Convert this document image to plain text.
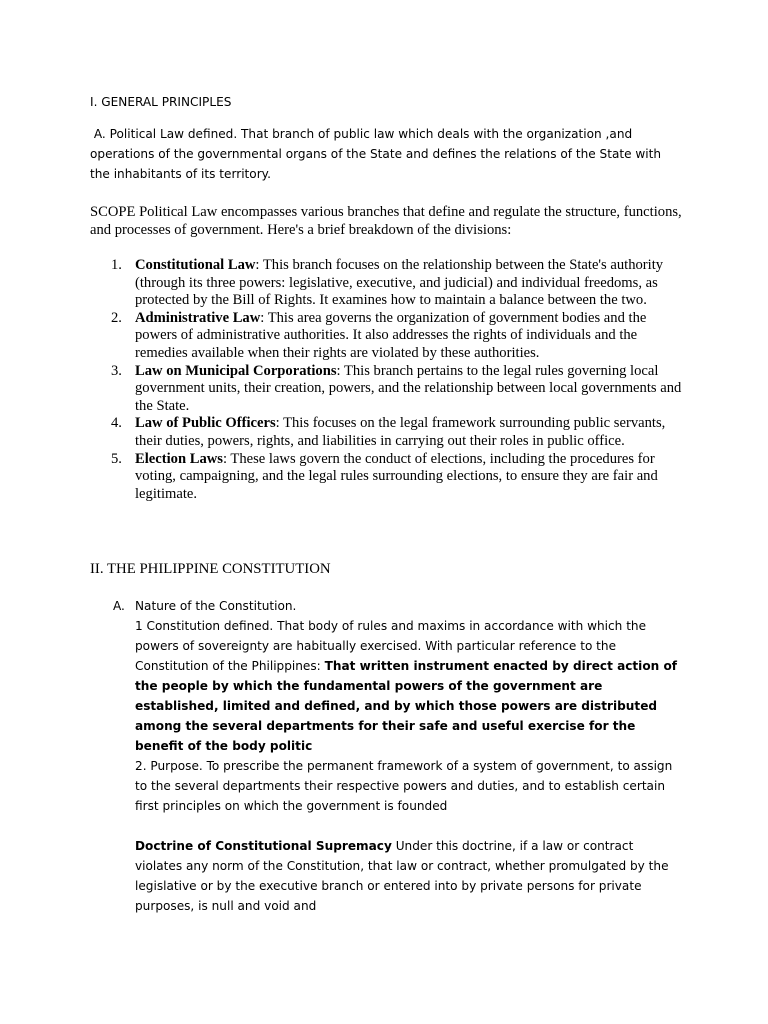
I. GENERAL PRINCIPLES

A. Political Law defined. That branch of public law which deals with the organization ,and operations of the governmental organs of the State and defines the relations of the State with the inhabitants of its territory.

SCOPE Political Law encompasses various branches that define and regulate the structure, functions, and processes of government. Here's a brief breakdown of the divisions:

1. Constitutional Law: This branch focuses on the relationship between the State's authority (through its three powers: legislative, executive, and judicial) and individual freedoms, as protected by the Bill of Rights. It examines how to maintain a balance between the two.
2. Administrative Law: This area governs the organization of government bodies and the powers of administrative authorities. It also addresses the rights of individuals and the remedies available when their rights are violated by these authorities.
3. Law on Municipal Corporations: This branch pertains to the legal rules governing local government units, their creation, powers, and the relationship between local governments and the State.
4. Law of Public Officers: This focuses on the legal framework surrounding public servants, their duties, powers, rights, and liabilities in carrying out their roles in public office.
5. Election Laws: These laws govern the conduct of elections, including the procedures for voting, campaigning, and the legal rules surrounding elections, to ensure they are fair and legitimate.

II. THE PHILIPPINE CONSTITUTION

A. Nature of the Constitution.

1 Constitution defined. That body of rules and maxims in accordance with which the powers of sovereignty are habitually exercised. With particular reference to the Constitution of the Philippines: That written instrument enacted by direct action of the people by which the fundamental powers of the government are established, limited and defined, and by which those powers are distributed among the several departments for their safe and useful exercise for the benefit of the body politic

2. Purpose. To prescribe the permanent framework of a system of government, to assign to the several departments their respective powers and duties, and to establish certain first principles on which the government is founded

Doctrine of Constitutional Supremacy Under this doctrine, if a law or contract violates any norm of the Constitution, that law or contract, whether promulgated by the legislative or by the executive branch or entered into by private persons for private purposes, is null and void and
